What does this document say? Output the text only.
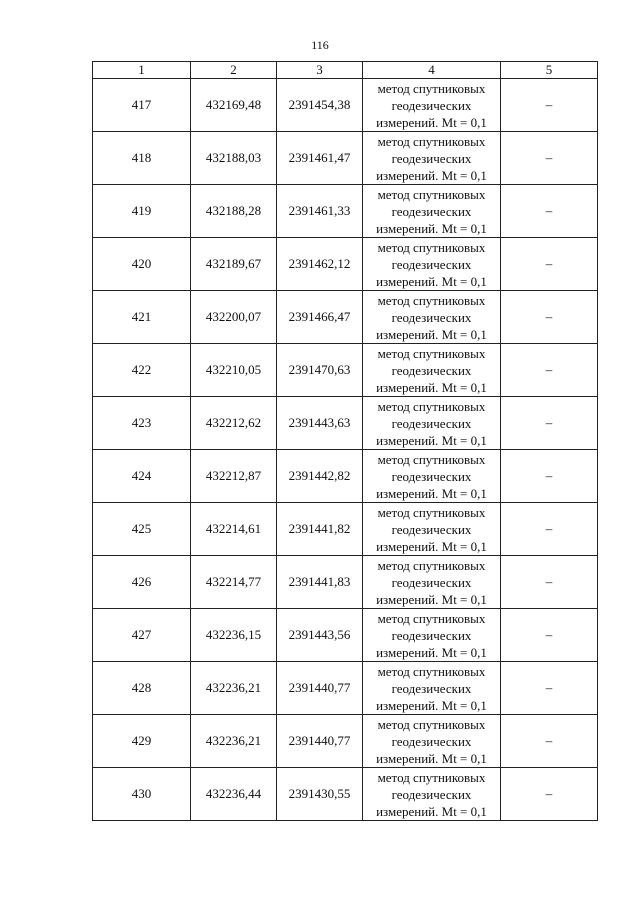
116
1	2	3	4	5
417	432169,48	2391454,38	метод спутниковых
геодезических
измерений. Mt = 0,1	–
418	432188,03	2391461,47	метод спутниковых
геодезических
измерений. Mt = 0,1	–
419	432188,28	2391461,33	метод спутниковых
геодезических
измерений. Mt = 0,1	–
420	432189,67	2391462,12	метод спутниковых
геодезических
измерений. Mt = 0,1	–
421	432200,07	2391466,47	метод спутниковых
геодезических
измерений. Mt = 0,1	–
422	432210,05	2391470,63	метод спутниковых
геодезических
измерений. Mt = 0,1	–
423	432212,62	2391443,63	метод спутниковых
геодезических
измерений. Mt = 0,1	–
424	432212,87	2391442,82	метод спутниковых
геодезических
измерений. Mt = 0,1	–
425	432214,61	2391441,82	метод спутниковых
геодезических
измерений. Mt = 0,1	–
426	432214,77	2391441,83	метод спутниковых
геодезических
измерений. Mt = 0,1	–
427	432236,15	2391443,56	метод спутниковых
геодезических
измерений. Mt = 0,1	–
428	432236,21	2391440,77	метод спутниковых
геодезических
измерений. Mt = 0,1	–
429	432236,21	2391440,77	метод спутниковых
геодезических
измерений. Mt = 0,1	–
430	432236,44	2391430,55	метод спутниковых
геодезических
измерений. Mt = 0,1	–
